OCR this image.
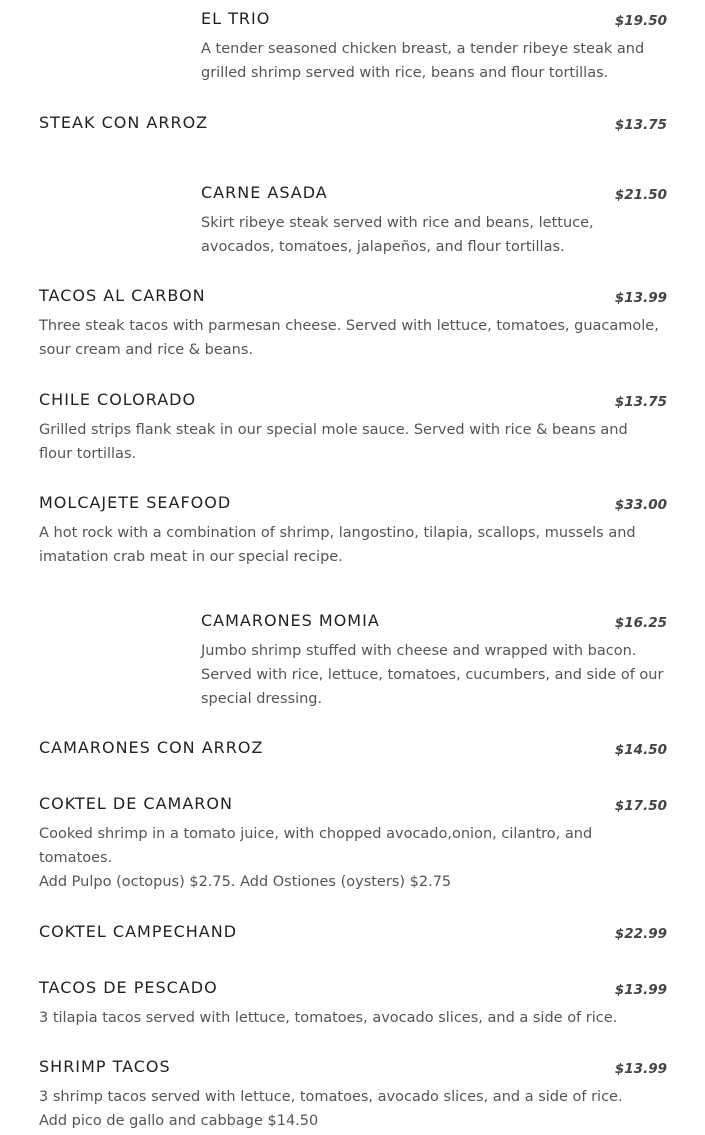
EL TRIO	$19.50
A tender seasoned chicken breast, a tender ribeye steak and
grilled shrimp served with rice, beans and flour tortillas.
STEAK CON ARROZ	$13.75
CARNE ASADA	$21.50
Skirt ribeye steak served with rice and beans, lettuce,
avocados, tomatoes, jalapeños, and flour tortillas.
TACOS AL CARBON	$13.99
Three steak tacos with parmesan cheese. Served with lettuce, tomatoes, guacamole,
sour cream and rice & beans.
CHILE COLORADO	$13.75
Grilled strips flank steak in our special mole sauce. Served with rice & beans and
flour tortillas.
MOLCAJETE SEAFOOD	$33.00
A hot rock with a combination of shrimp, langostino, tilapia, scallops, mussels and
imatation crab meat in our special recipe.
CAMARONES MOMIA	$16.25
Jumbo shrimp stuffed with cheese and wrapped with bacon.
Served with rice, lettuce, tomatoes, cucumbers, and side of our
special dressing.
CAMARONES CON ARROZ	$14.50
COKTEL DE CAMARON	$17.50
Cooked shrimp in a tomato juice, with chopped avocado,onion, cilantro, and
tomatoes.
Add Pulpo (octopus) $2.75. Add Ostiones (oysters) $2.75
COKTEL CAMPECHAND	$22.99
TACOS DE PESCADO	$13.99
3 tilapia tacos served with lettuce, tomatoes, avocado slices, and a side of rice.
SHRIMP TACOS	$13.99
3 shrimp tacos served with lettuce, tomatoes, avocado slices, and a side of rice.
Add pico de gallo and cabbage $14.50
